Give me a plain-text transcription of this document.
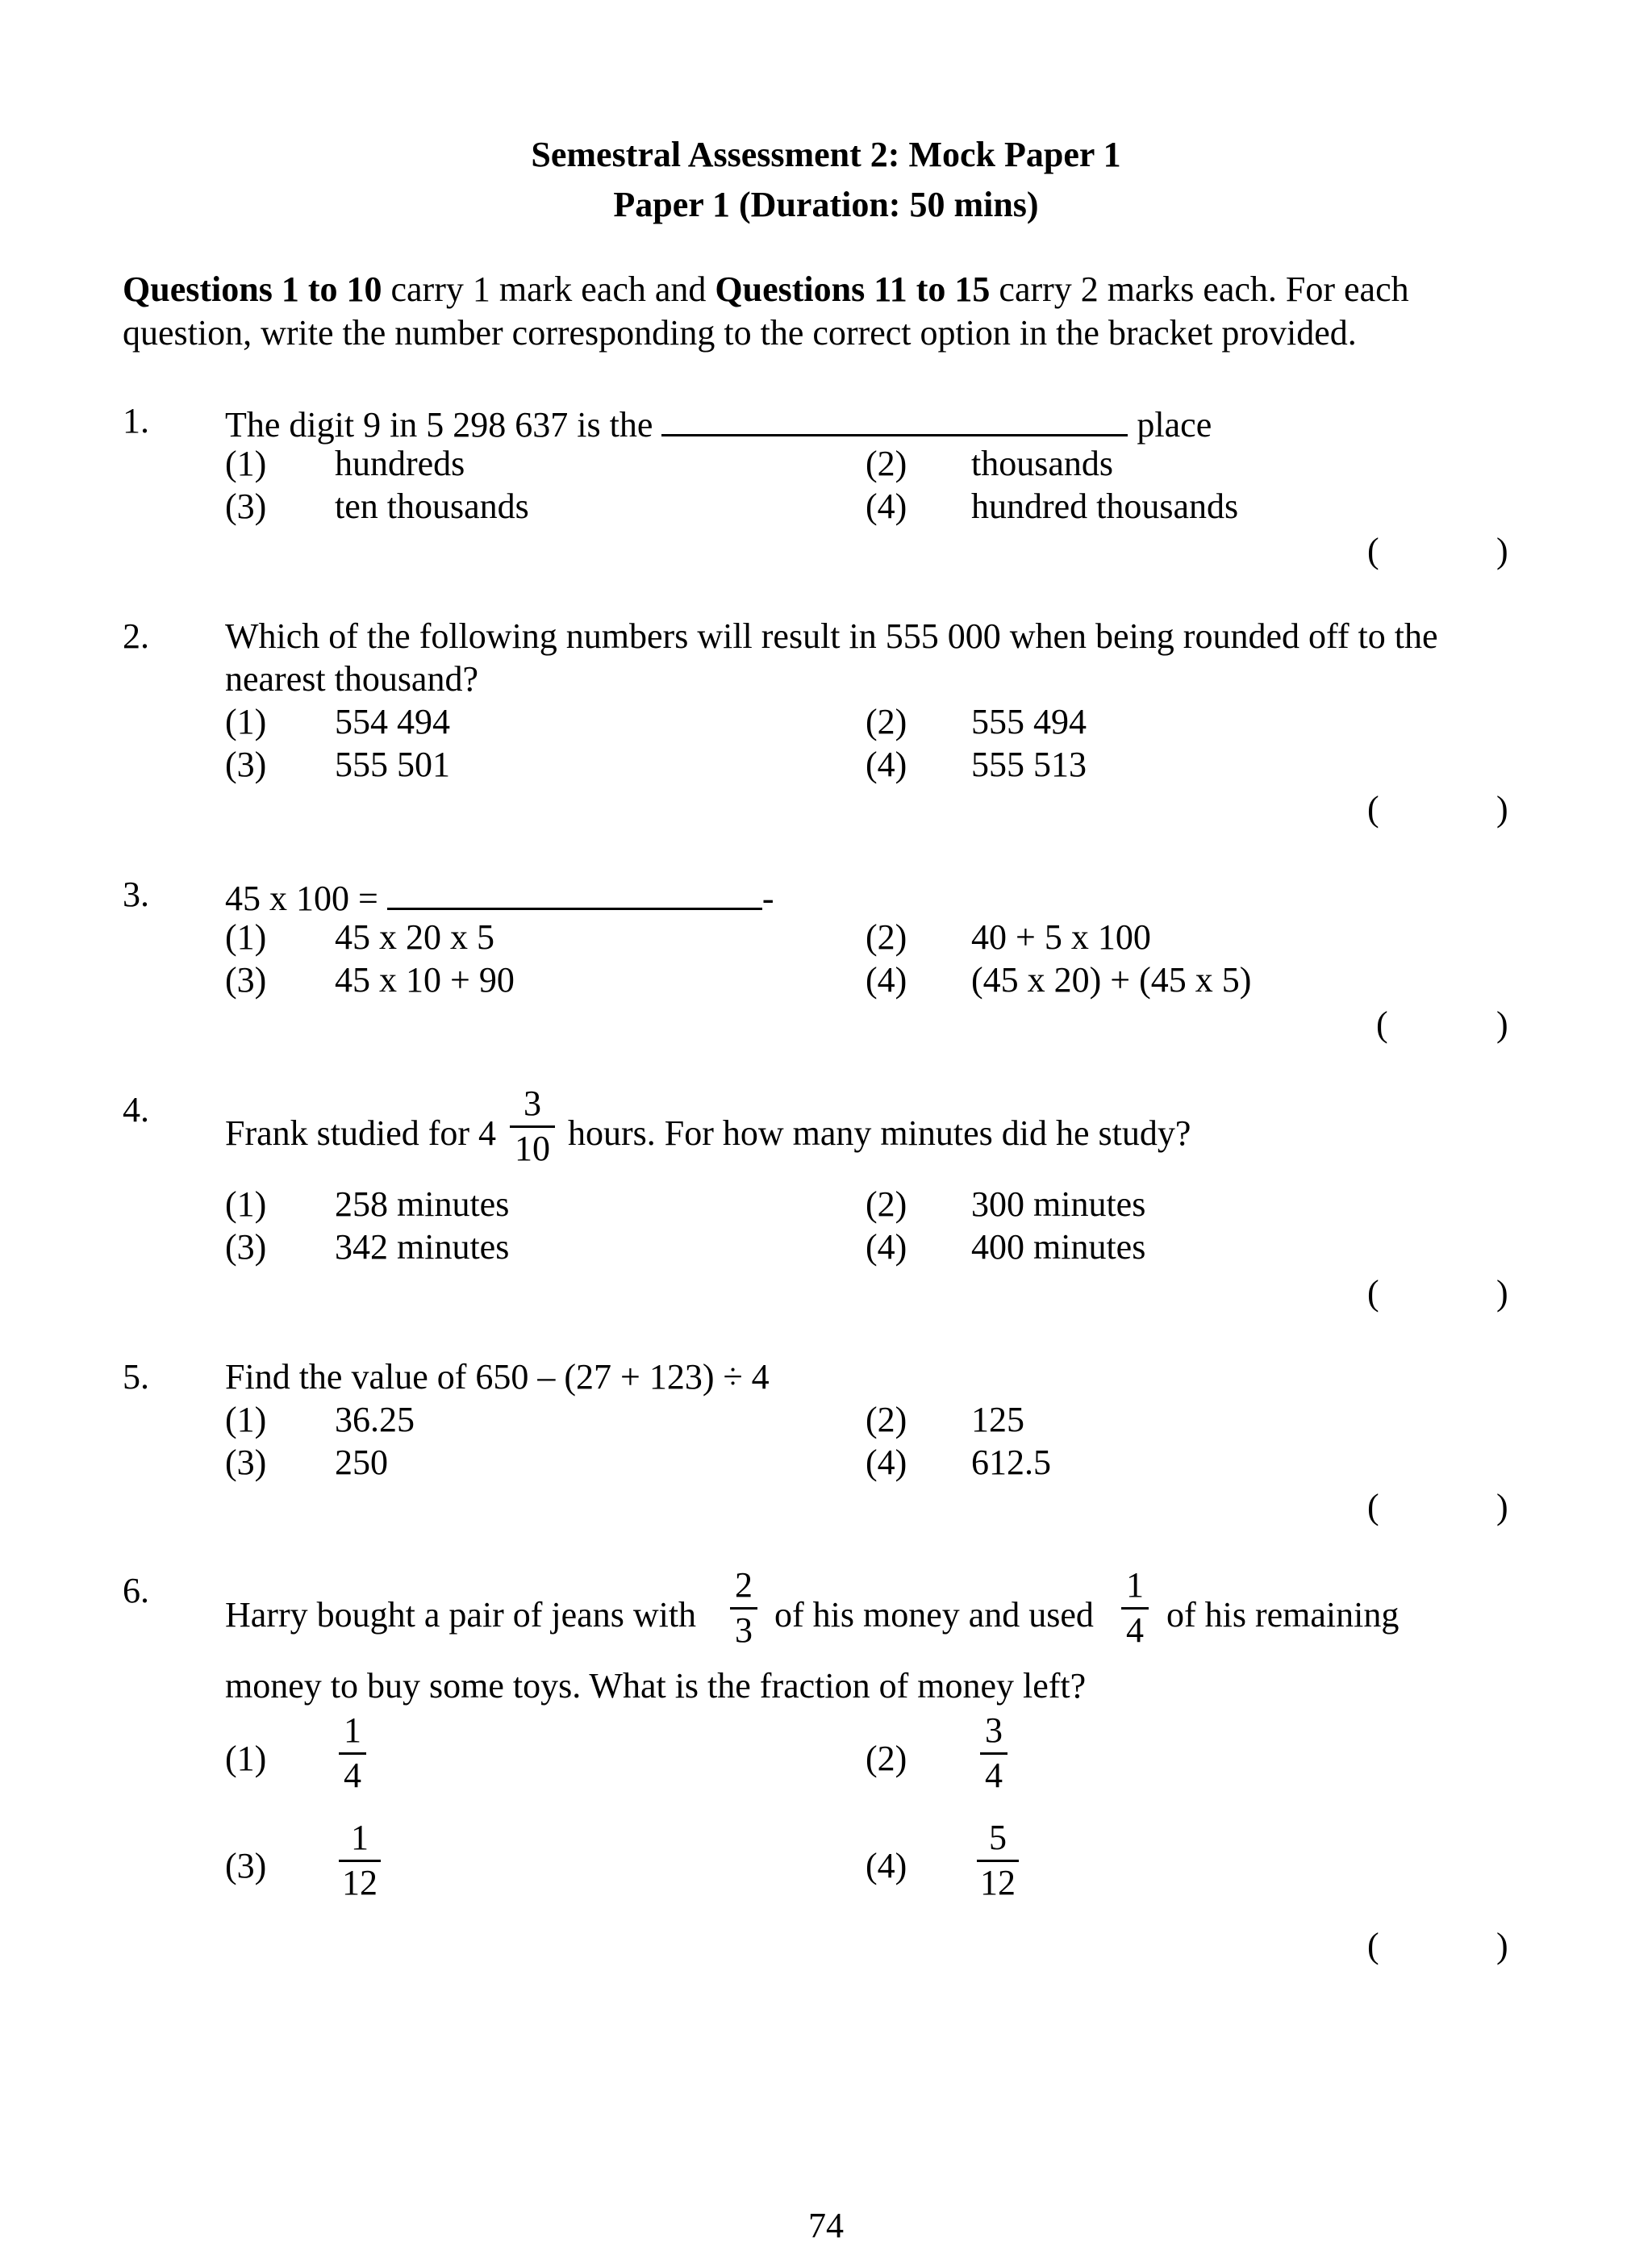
Semestral Assessment 2: Mock Paper 1
Paper 1 (Duration: 50 mins)
Questions 1 to 10 carry 1 mark each and Questions 11 to 15 carry 2 marks each. For each
question, write the number corresponding to the correct option in the bracket provided.
1. The digit 9 in 5 298 637 is the	place
(1) hundreds	(2) thousands
(3) ten thousands	(4) hundred thousands
(	)
2. Which of the following numbers will result in 555 000 when being rounded off to the
nearest thousand?
(1) 554 494	(2) 555 494
(3) 555 501	(4) 555 513
(	)
3. 45 x 100 =	-
(1) 45 x 20 x 5	(2) 40 + 5 x 100
(3) 45 x 10 + 90	(4) (45 x 20) + (45 x 5)
(	)
4.
Frank studied for 4
3
10 hours. For how many minutes did he study?
(1) 258 minutes	(2) 300 minutes
(3) 342 minutes	(4) 400 minutes
(	)
5. Find the value of 650 – (27 + 123) ÷ 4
(1) 36.25	(2) 125
(3) 250	(4) 612.5
(	)
6.
Harry bought a pair of jeans with
2
3 of his money and used
1
4 of his remaining
money to buy some toys. What is the fraction of money left?
(1)
1
4	(2)
3
4
(3)
1
12	(4)
5
12
(	)
74
